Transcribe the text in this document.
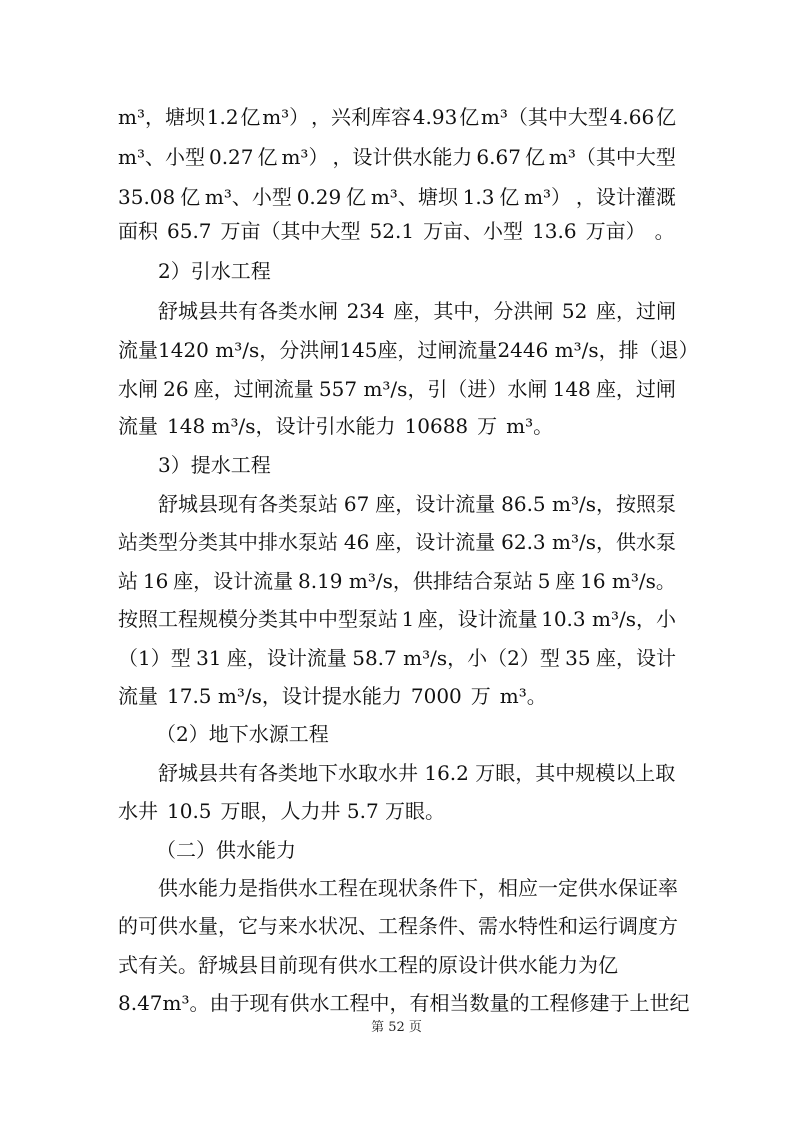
m³，塘坝 1.2 亿 m³） ，兴利库容 4.93 亿 m³（其中大型 4.66 亿
m³、小型 0.27 亿 m³） ，设计供水能力 6.67 亿 m³（其中大型
35.08 亿 m³、小型 0.29 亿 m³、塘坝 1.3 亿 m³） ，设计灌溉
面积 65.7 万亩（其中大型 52.1 万亩、小型 13.6 万亩） 。
2）引水工程
舒城县共有各类水闸 234 座，其中，分洪闸 52 座，过闸
流量 1420 m³/s，分洪闸 145 座，过闸流量 2446 m³/s，排（退）
水闸 26 座，过闸流量 557 m³/s，引（进）水闸 148 座，过闸
流量 148 m³/s，设计引水能力 10688 万 m³。
3）提水工程
舒城县现有各类泵站 67 座，设计流量 86.5 m³/s，按照泵
站类型分类其中排水泵站 46 座，设计流量 62.3 m³/s，供水泵
站 16 座，设计流量 8.19 m³/s，供排结合泵站 5 座 16 m³/s。
按照工程规模分类其中中型泵站 1 座，设计流量 10.3 m³/s，小
（1）型 31 座，设计流量 58.7 m³/s，小（2）型 35 座，设计
流量 17.5 m³/s，设计提水能力 7000 万 m³。
（2）地下水源工程
舒城县共有各类地下水取水井 16.2 万眼，其中规模以上取
水井 10.5 万眼，人力井 5.7 万眼。
（二）供水能力
供水能力是指供水工程在现状条件下，相应一定供水保证率
的可供水量，它与来水状况、工程条件、需水特性和运行调度方
式有关。舒城县目前现有供水工程的原设计供水能力为亿
8.47m³。由于现有供水工程中，有相当数量的工程修建于上世纪
第 52 页
